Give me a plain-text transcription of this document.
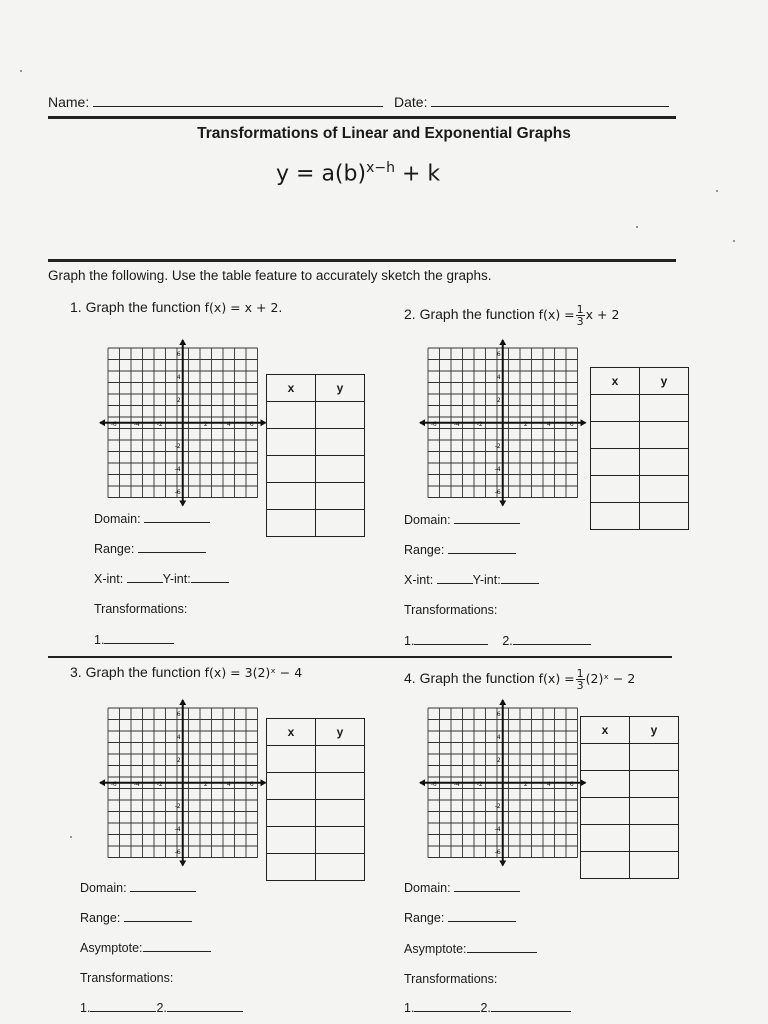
Name:	Date:
Transformations of Linear and Exponential Graphs
$y = a(b)^{x-h} + k$
Graph the following. Use the table feature to accurately sketch the graphs.
1. Graph the function f(x) = x + 2.
-6	-4	-2	2	4	6
6
4
2
-2
-4
-6
x	y

Domain:
Range:
X-int:	Y-int:
Transformations:
1.
2. Graph the function $f(x) = \frac{1}{3}$ x + 2
-6	-4	-2	2	4	6
6
4
2
-2
-4
-6
x	y

Domain:
Range:
X-int:	Y-int:
Transformations:
1.	2.
3. Graph the function f(x) = 3(2)ˣ − 4
-6	-4	-2	2	4	6
6
4
2
-2
-4
-6
x	y

Domain:
Range:
Asymptote:
Transformations:
1.	2.
4. Graph the function $f(x) = \frac{1}{3}$ (2)ˣ − 2
-6	-4	-2	2	4	6
6
4
2
-2
-4
-6
x	y

Domain:
Range:
Asymptote:
Transformations:
1.	2.
